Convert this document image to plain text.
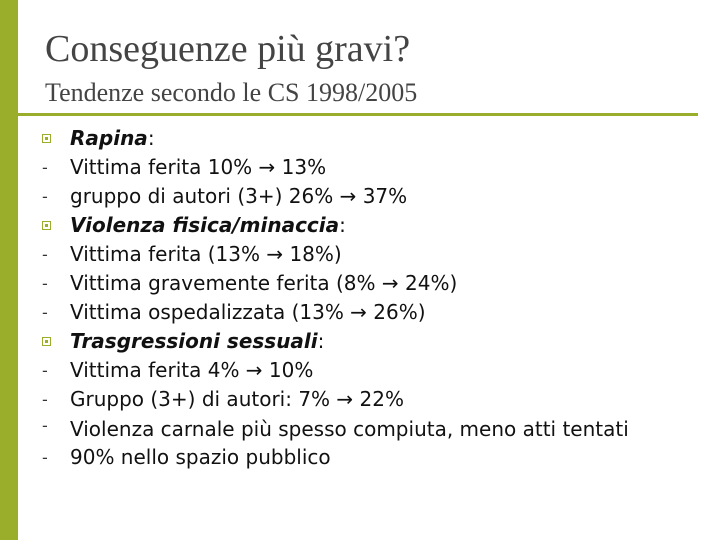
Conseguenze più gravi?
Tendenze secondo le CS 1998/2005
Rapina:
-	Vittima ferita 10% → 13%
-	gruppo di autori (3+) 26% → 37%
Violenza fisica/minaccia:
-	Vittima ferita (13% → 18%)
-	Vittima gravemente ferita (8% → 24%)
-	Vittima ospedalizzata (13% → 26%)
Trasgressioni sessuali:
-	Vittima ferita 4% → 10%
-	Gruppo (3+) di autori: 7% → 22%
-	Violenza carnale più spesso compiuta, meno atti tentati
-	90% nello spazio pubblico
